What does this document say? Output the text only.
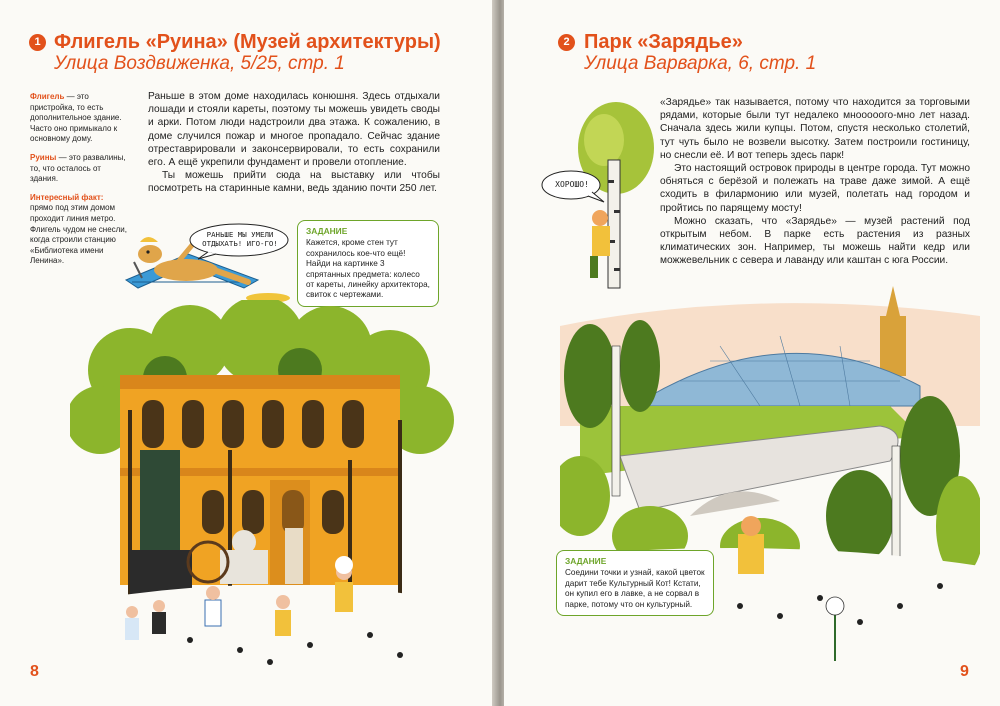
1 Флигель «Руина» (Музей архитектуры)
Улица Воздвиженка, 5/25, стр. 1

Флигель — это пристройка, то есть дополнительное здание. Часто оно примыкало к основному дому.

Руины — это развалины, то, что осталось от здания.

Интересный факт: прямо под этим домом проходит линия метро. Флигель чудом не снесли, когда строили станцию «Библиотека имени Ленина».

Раньше в этом доме находилась конюшня. Здесь отдыхали лошади и стояли кареты, поэтому ты можешь увидеть своды и арки. Потом люди надстроили два этажа. К сожалению, в доме случился пожар и многое пропадало. Сейчас здание отреставрировали и законсервировали, то есть сохранили его. А ещё укрепили фундамент и провели отопление.

Ты можешь прийти сюда на выставку или чтобы посмотреть на старинные камни, ведь зданию почти 250 лет.

РАНЬШЕ МЫ УМЕЛИ
ОТДЫХАТЬ! ИГО-ГО!
ЗАДАНИЕ
Кажется, кроме стен тут сохранилось кое-что ещё! Найди на картинке 3 спрятанных предмета: колесо от кареты, линейку архитектора, свиток с чертежами.
8
2 Парк «Зарядье»
Улица Варварка, 6, стр. 1

«Зарядье» так называется, потому что находится за торговыми рядами, которые были тут недалеко мнооооого-мно лет назад. Сначала здесь жили купцы. Потом, спустя несколько столетий, тут чуть было не возвели высотку. Затем построили гостиницу, но снесли её. И вот теперь здесь парк!

Это настоящий островок природы в центре города. Тут можно обняться с берёзой и полежать на траве даже зимой. А ещё сходить в филармонию или музей, полетать над городом и пройтись по парящему мосту!

Можно сказать, что «Зарядье» — музей растений под открытым небом. В парке есть растения из разных климатических зон. Например, ты можешь найти кедр или можжевельник с севера и лаванду или каштан с юга России.

ХОРОШО!
ЗАДАНИЕ
Соедини точки и узнай, какой цветок дарит тебе Культурный Кот! Кстати, он купил его в лавке, а не сорвал в парке, потому что он культурный.
9
